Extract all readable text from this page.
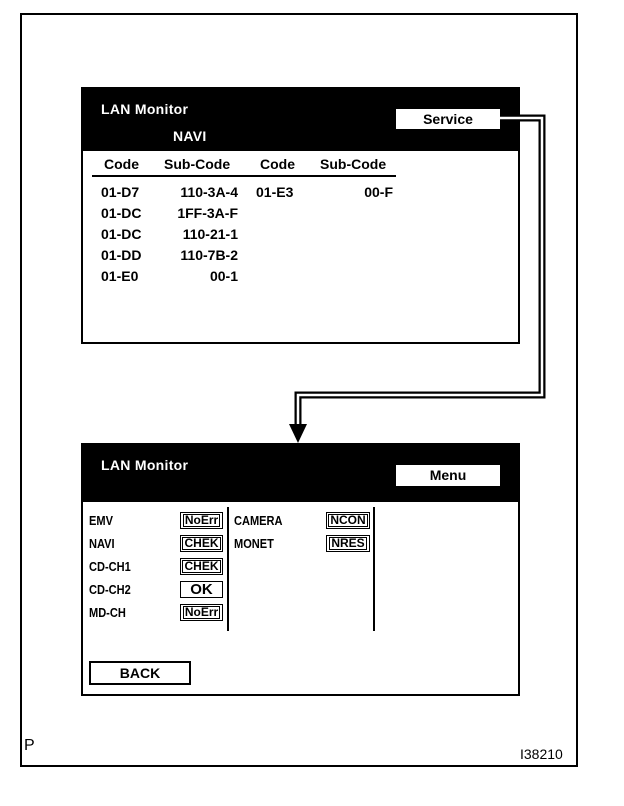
LAN Monitor
NAVI
Service
Code Sub-Code Code Sub-Code
01-D7	110-3A-4 01-E3	00-F
01-DC	1FF-3A-F
01-DC	110-21-1
01-DD	110-7B-2
01-E0	00-1
LAN Monitor
Menu
EMV	NoErr
NAVI	CHEK
CD-CH1	CHEK
CD-CH2	OK
MD-CH	NoErr
CAMERA	NCON
MONET	NRES
BACK
P	I38210
